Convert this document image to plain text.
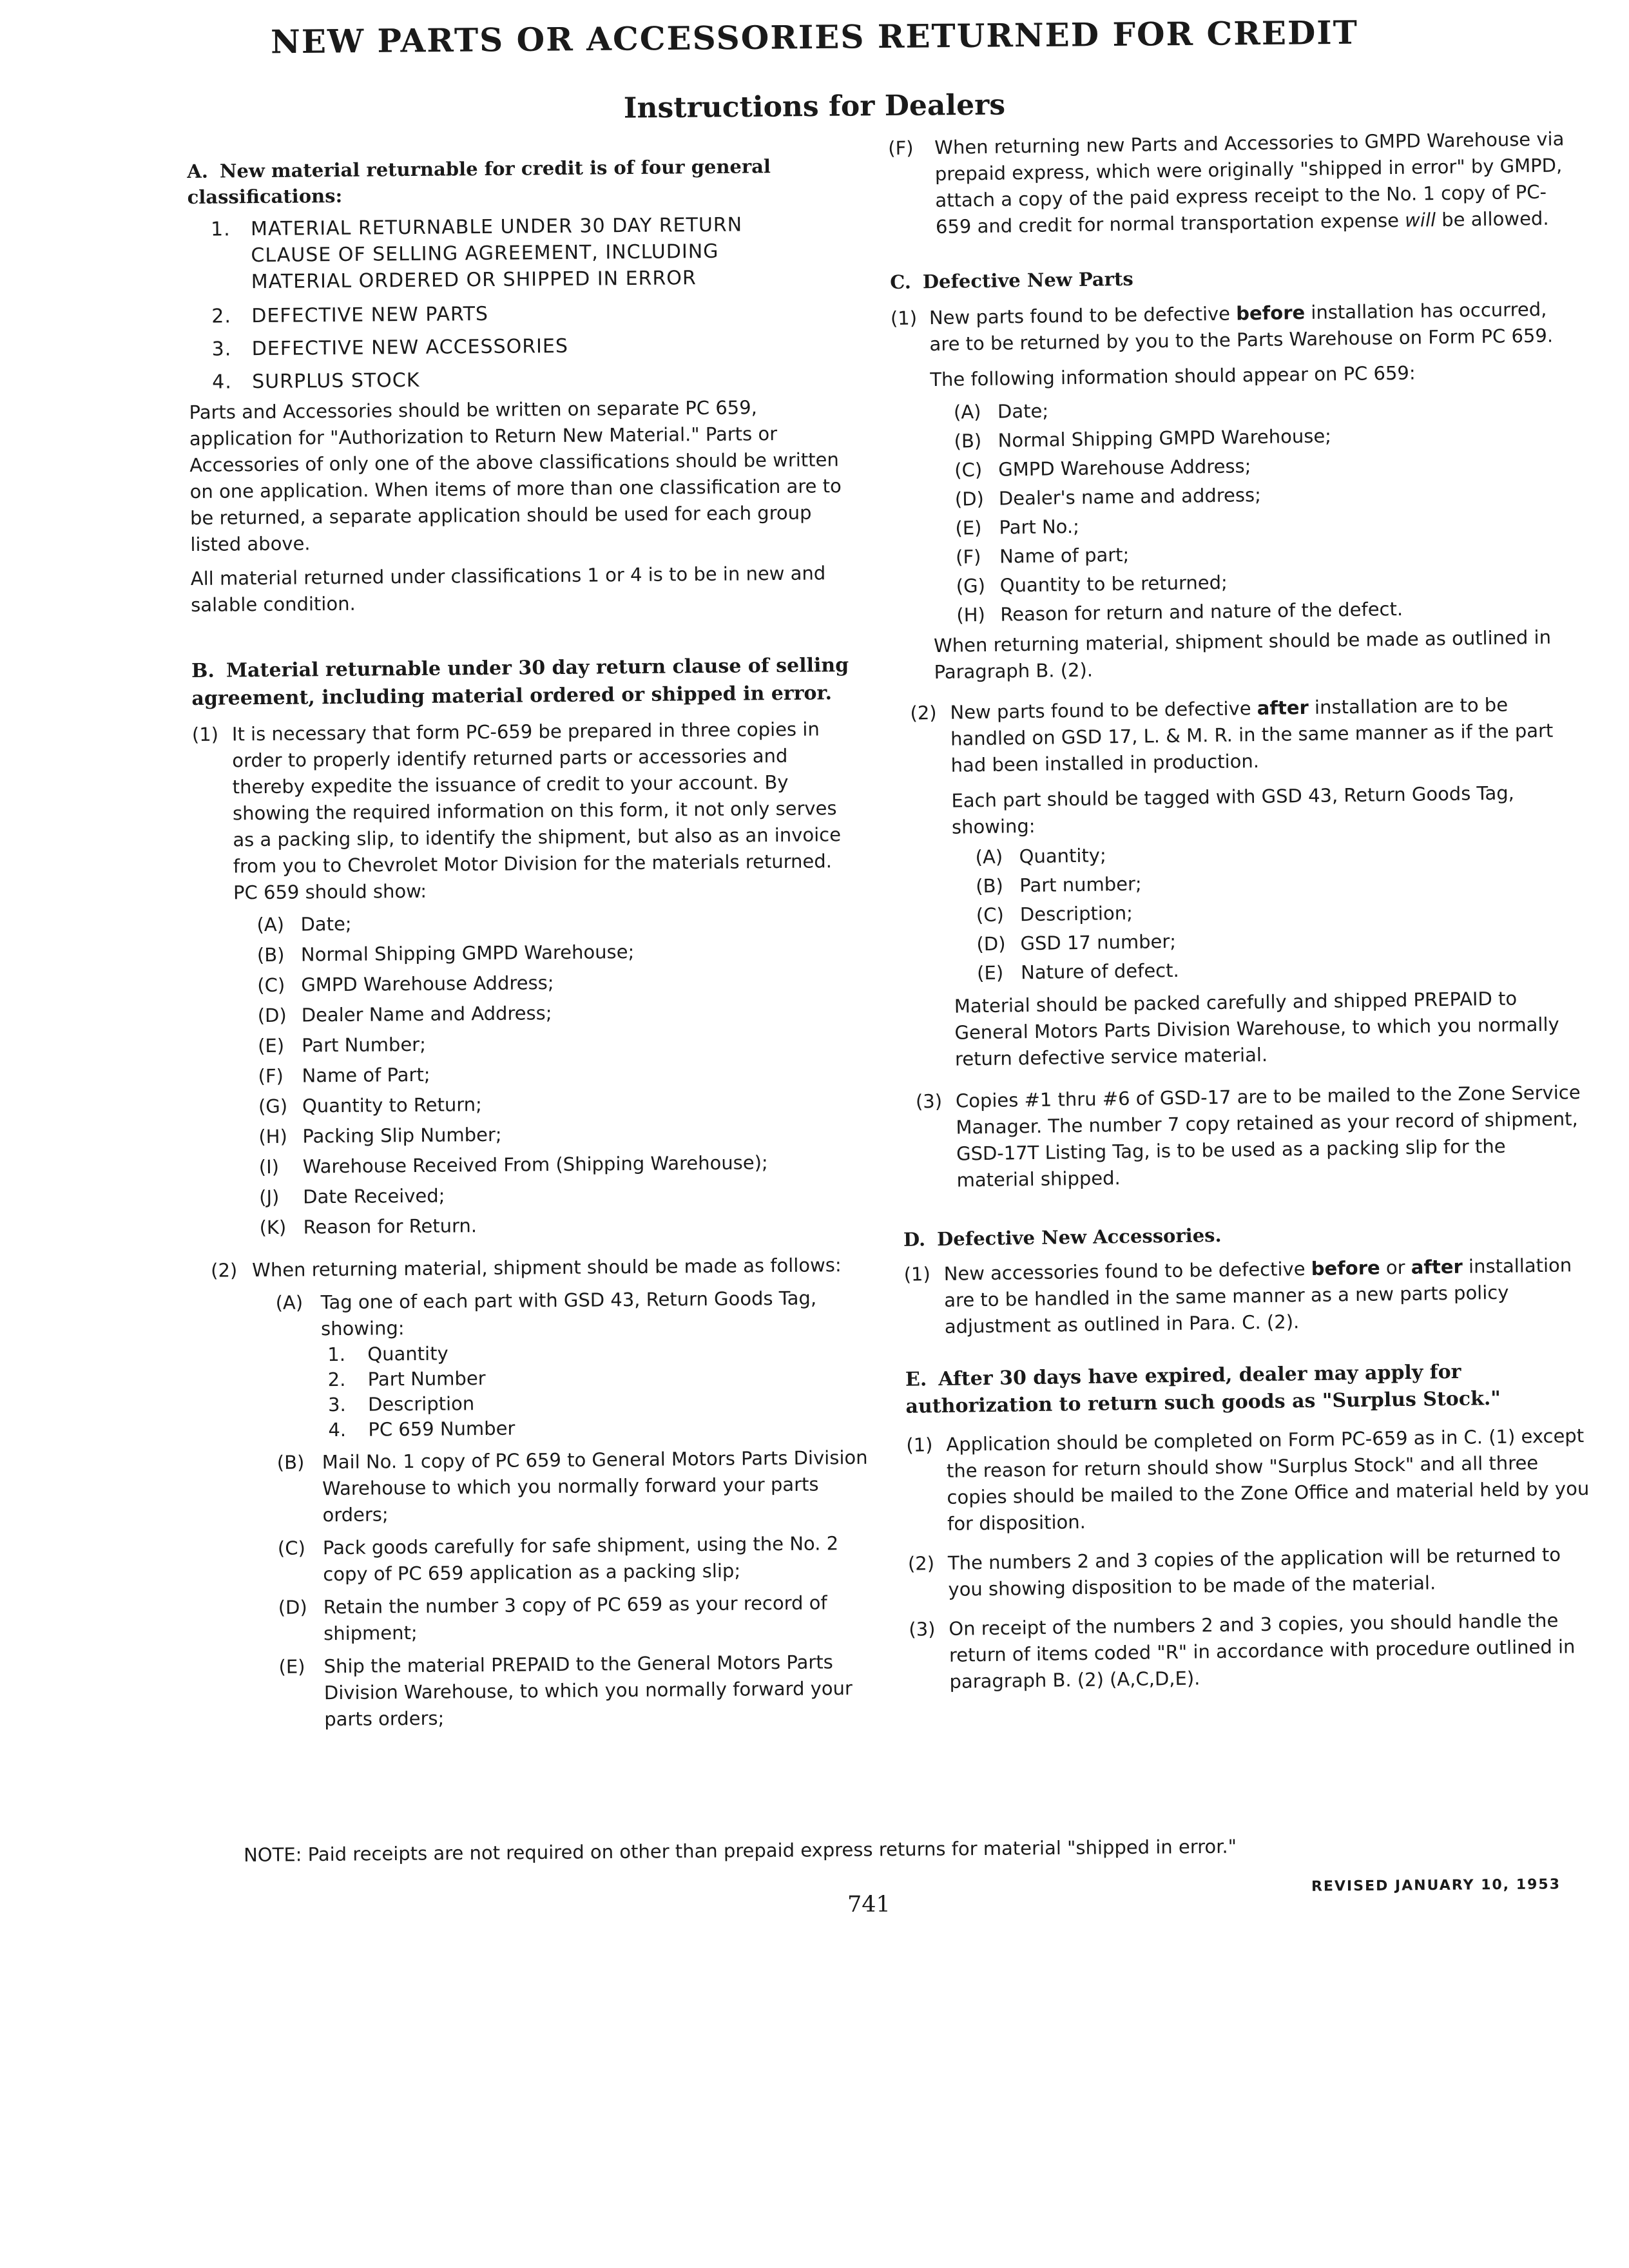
NEW PARTS OR ACCESSORIES RETURNED FOR CREDIT
Instructions for Dealers

A. New material returnable for credit is of four general classifications:

1.	MATERIAL RETURNABLE UNDER 30 DAY RETURN CLAUSE OF SELLING AGREEMENT, INCLUDING MATERIAL ORDERED OR SHIPPED IN ERROR
2.	DEFECTIVE NEW PARTS
3.	DEFECTIVE NEW ACCESSORIES
4.	SURPLUS STOCK

Parts and Accessories should be written on separate PC 659, application for "Authorization to Return New Material." Parts or Accessories of only one of the above classifications should be written on one application. When items of more than one classification are to be returned, a separate application should be used for each group listed above.

All material returned under classifications 1 or 4 is to be in new and salable condition.

B. Material returnable under 30 day return clause of selling agreement, including material ordered or shipped in error.

(1) It is necessary that form PC-659 be prepared in three copies in order to properly identify returned parts or accessories and thereby expedite the issuance of credit to your account. By showing the required information on this form, it not only serves as a packing slip, to identify the shipment, but also as an invoice from you to Chevrolet Motor Division for the materials returned.

PC 659 should show:

(A) Date;
(B) Normal Shipping GMPD Warehouse;
(C) GMPD Warehouse Address;
(D) Dealer Name and Address;
(E) Part Number;
(F) Name of Part;
(G) Quantity to Return;
(H) Packing Slip Number;
(I)	Warehouse Received From (Shipping Warehouse);
(J)	Date Received;
(K) Reason for Return.
(2) When returning material, shipment should be made as follows:

(A) Tag one of each part with GSD 43, Return Goods Tag, showing:

1.	Quantity
2.	Part Number
3.	Description
4.	PC 659 Number
(B) Mail No. 1 copy of PC 659 to General Motors Parts Division Warehouse to which you normally forward your parts orders;
(C) Pack goods carefully for safe shipment, using the No. 2 copy of PC 659 application as a packing slip;
(D) Retain the number 3 copy of PC 659 as your record of shipment;
(E) Ship the material PREPAID to the General Motors Parts Division Warehouse, to which you normally forward your parts orders;
(F)	When returning new Parts and Accessories to GMPD Warehouse via prepaid express, which were originally "shipped in error" by GMPD, attach a copy of the paid express receipt to the No. 1 copy of PC-659 and credit for normal transportation expense will be allowed.

C. Defective New Parts

(1) New parts found to be defective before installation has occurred, are to be returned by you to the Parts Warehouse on Form PC 659.

The following information should appear on PC 659:

(A) Date;
(B) Normal Shipping GMPD Warehouse;
(C) GMPD Warehouse Address;
(D) Dealer's name and address;
(E) Part No.;
(F) Name of part;
(G) Quantity to be returned;
(H) Reason for return and nature of the defect.

When returning material, shipment should be made as outlined in Paragraph B. (2).

(2) New parts found to be defective after installation are to be handled on GSD 17, L. & M. R. in the same manner as if the part had been installed in production.

Each part should be tagged with GSD 43, Return Goods Tag, showing:

(A) Quantity;
(B) Part number;
(C) Description;
(D) GSD 17 number;
(E) Nature of defect.

Material should be packed carefully and shipped PREPAID to General Motors Parts Division Warehouse, to which you normally return defective service material.

(3) Copies #1 thru #6 of GSD-17 are to be mailed to the Zone Service Manager. The number 7 copy retained as your record of shipment, GSD-17T Listing Tag, is to be used as a packing slip for the material shipped.

D. Defective New Accessories.

(1) New accessories found to be defective before or after installation are to be handled in the same manner as a new parts policy adjustment as outlined in Para. C. (2).

E. After 30 days have expired, dealer may apply for authorization to return such goods as "Surplus Stock."

(1) Application should be completed on Form PC-659 as in C. (1) except the reason for return should show "Surplus Stock" and all three copies should be mailed to the Zone Office and material held by you for disposition.

(2) The numbers 2 and 3 copies of the application will be returned to you showing disposition to be made of the material.

(3) On receipt of the numbers 2 and 3 copies, you should handle the return of items coded "R" in accordance with procedure outlined in paragraph B. (2) (A,C,D,E).

NOTE: Paid receipts are not required on other than prepaid express returns for material "shipped in error."
REVISED JANUARY 10, 1953
741
